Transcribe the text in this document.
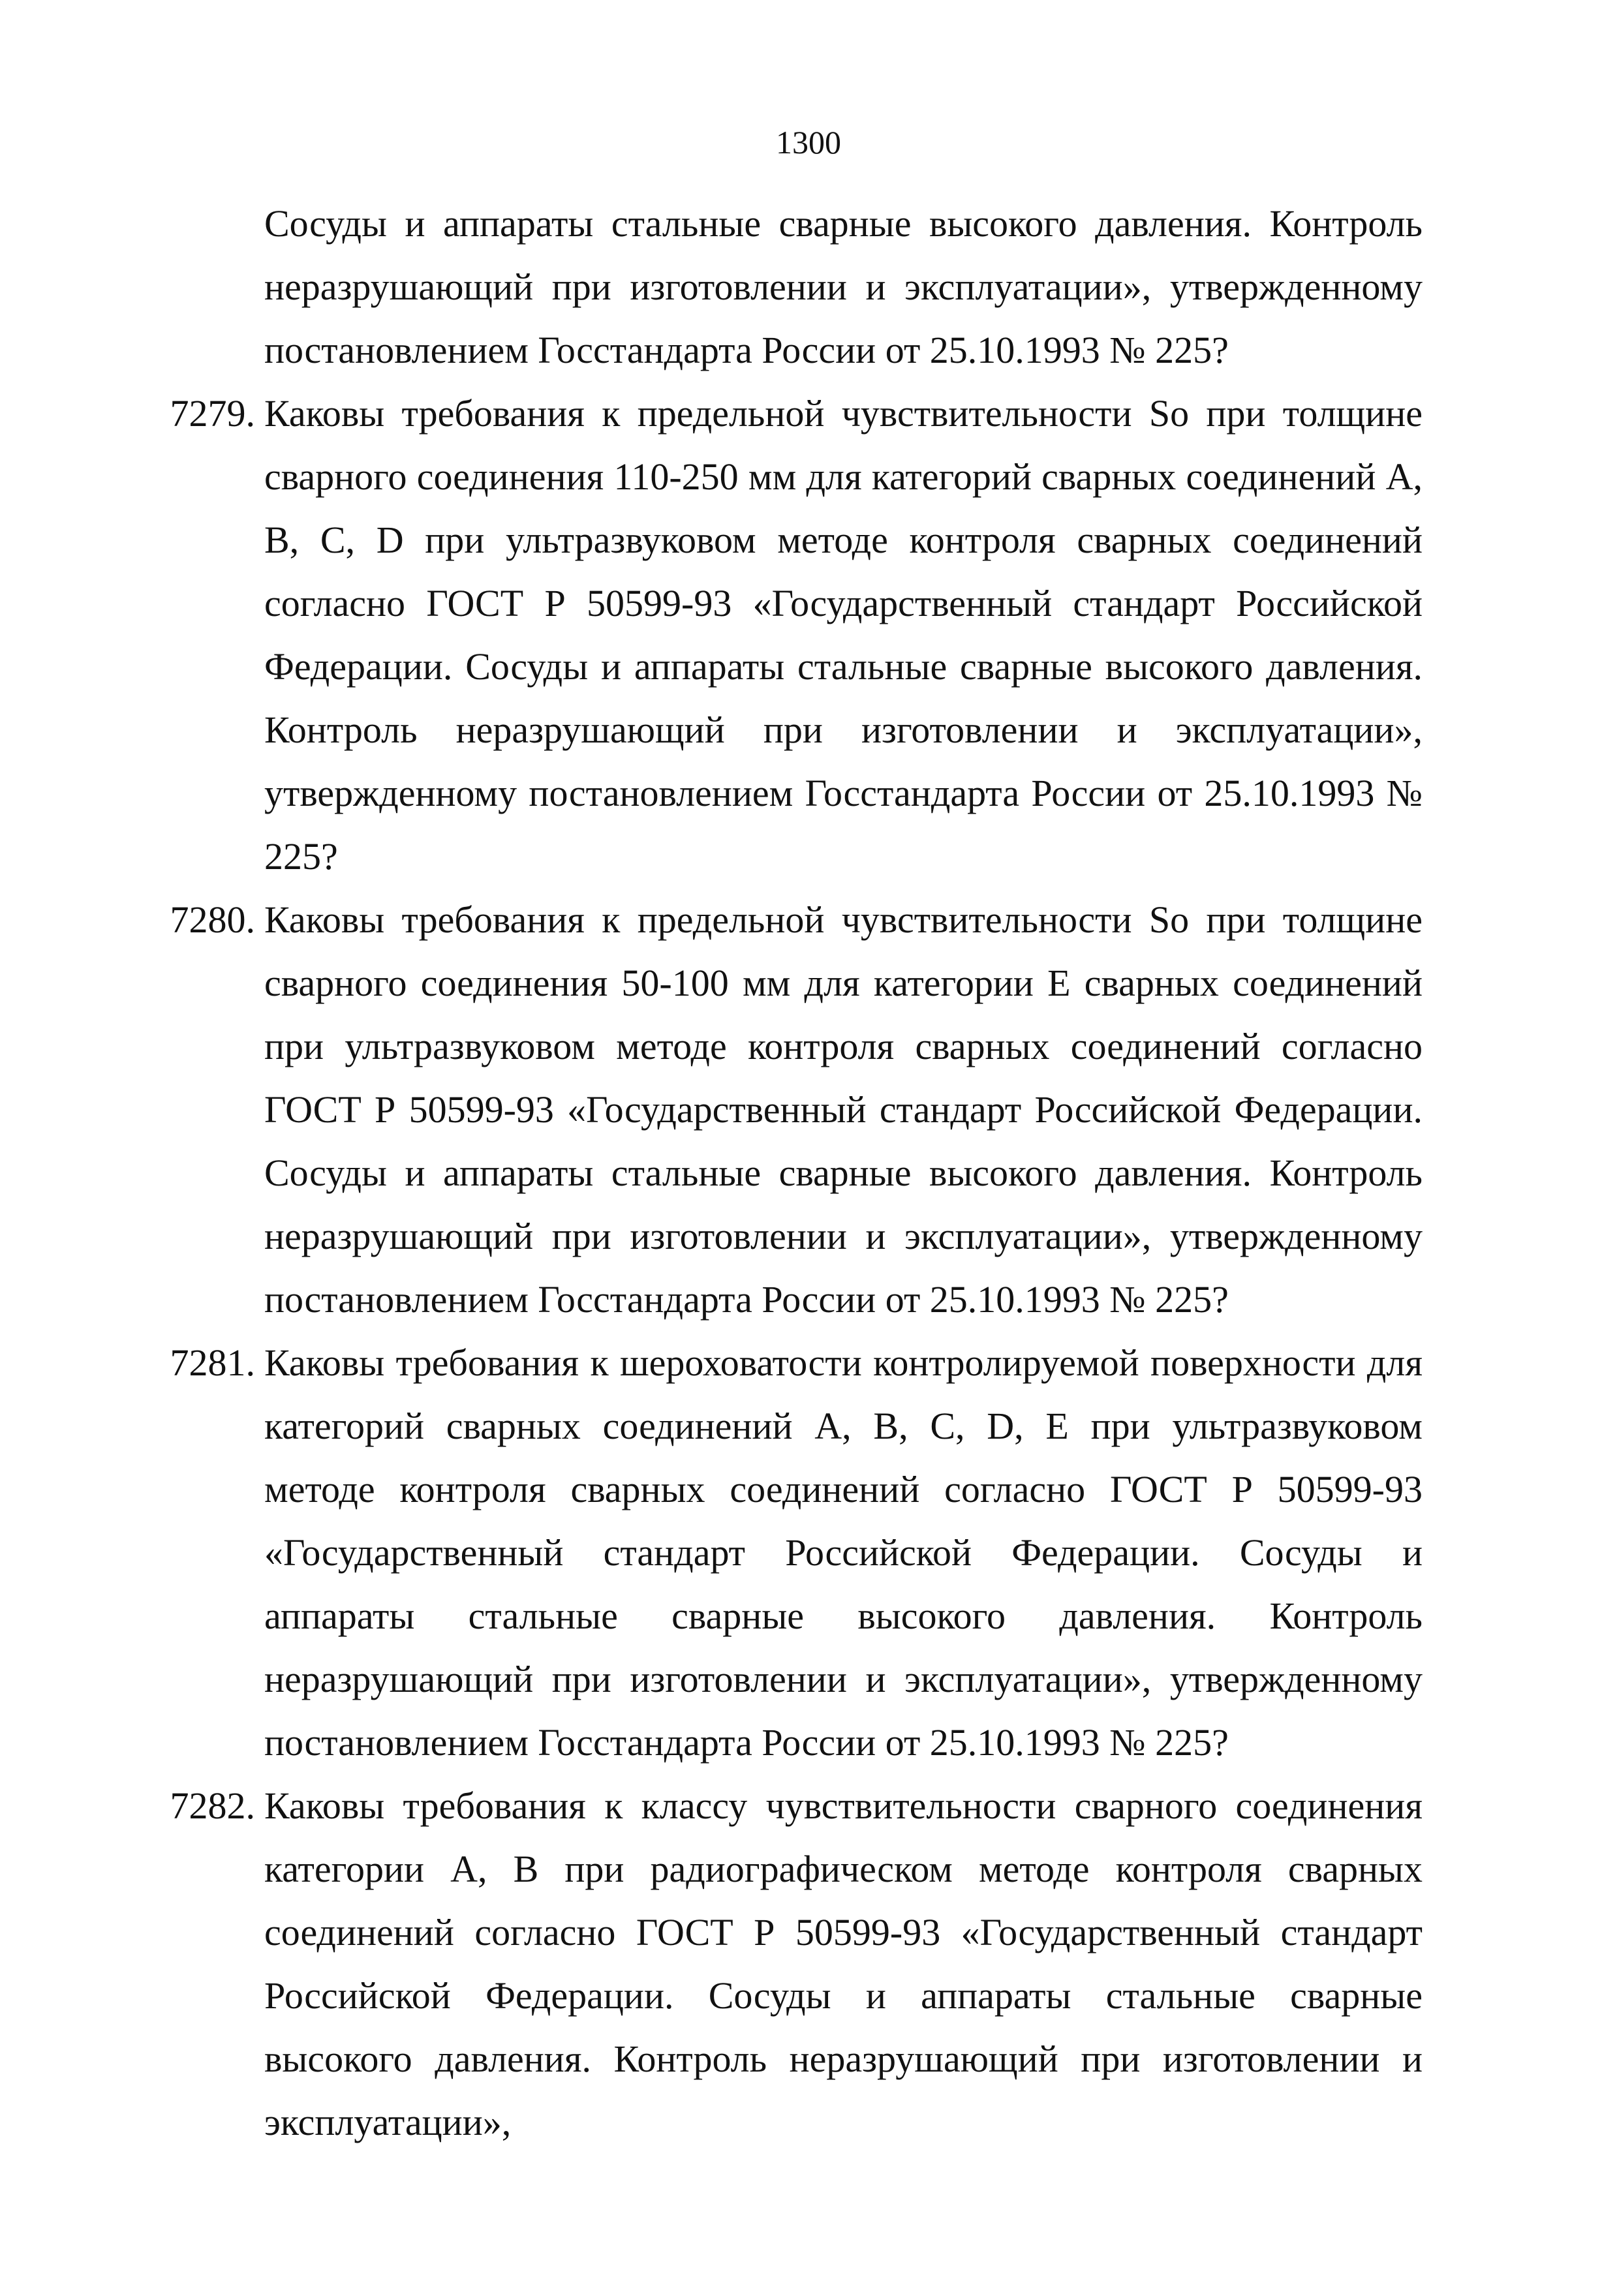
1300

Сосуды и аппараты стальные сварные высокого давления. Контроль неразрушающий при изготовлении и эксплуатации», утвержденному постановлением Госстандарта России от 25.10.1993 № 225?

7279. Каковы требования к предельной чувствительности So при толщине сварного соединения 110-250 мм для категорий сварных соединений A, B, C, D при ультразвуковом методе контроля сварных соединений согласно ГОСТ Р 50599-93 «Государственный стандарт Российской Федерации. Сосуды и аппараты стальные сварные высокого давления. Контроль неразрушающий при изготовлении и эксплуатации», утвержденному постановлением Госстандарта России от 25.10.1993 № 225?
7280. Каковы требования к предельной чувствительности So при толщине сварного соединения 50-100 мм для категории E сварных соединений при ультразвуковом методе контроля сварных соединений согласно ГОСТ Р 50599-93 «Государственный стандарт Российской Федерации. Сосуды и аппараты стальные сварные высокого давления. Контроль неразрушающий при изготовлении и эксплуатации», утвержденному постановлением Госстандарта России от 25.10.1993 № 225?
7281. Каковы требования к шероховатости контролируемой поверхности для категорий сварных соединений A, B, C, D, E при ультразвуковом методе контроля сварных соединений согласно ГОСТ Р 50599-93 «Государственный стандарт Российской Федерации. Сосуды и аппараты стальные сварные высокого давления. Контроль неразрушающий при изготовлении и эксплуатации», утвержденному постановлением Госстандарта России от 25.10.1993 № 225?
7282. Каковы требования к классу чувствительности сварного соединения категории A, B при радиографическом методе контроля сварных соединений согласно ГОСТ Р 50599-93 «Государственный стандарт Российской Федерации. Сосуды и аппараты стальные сварные высокого давления. Контроль неразрушающий при изготовлении и эксплуатации»,
